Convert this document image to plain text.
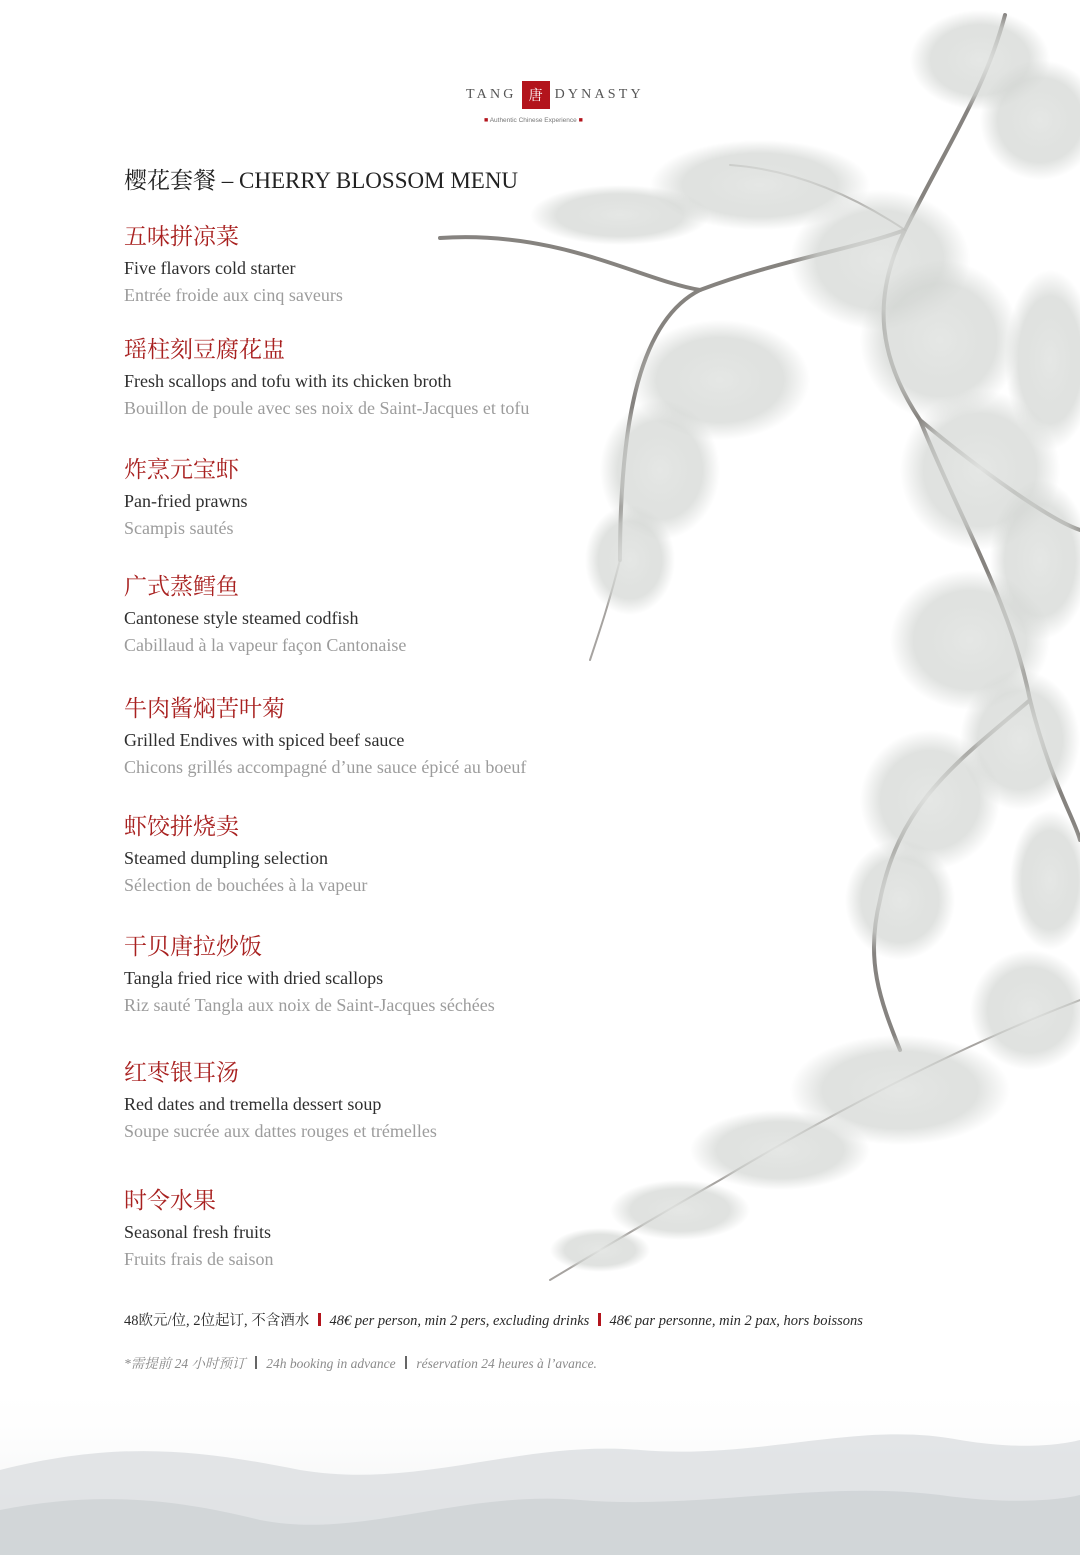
TANG 唐 DYNASTY
■ Authentic Chinese Experience ■
樱花套餐 – CHERRY BLOSSOM MENU
五味拼凉菜
Five flavors cold starter
Entrée froide aux cinq saveurs
瑶柱刻豆腐花盅
Fresh scallops and tofu with its chicken broth
Bouillon de poule avec ses noix de Saint-Jacques et tofu
炸烹元宝虾
Pan-fried prawns
Scampis sautés
广式蒸鳕鱼
Cantonese style steamed codfish
Cabillaud à la vapeur façon Cantonaise
牛肉酱焖苦叶菊
Grilled Endives with spiced beef sauce
Chicons grillés accompagné d’une sauce épicé au boeuf
虾饺拼烧卖
Steamed dumpling selection
Sélection de bouchées à la vapeur
干贝唐拉炒饭
Tangla fried rice with dried scallops
Riz sauté Tangla aux noix de Saint-Jacques séchées
红枣银耳汤
Red dates and tremella dessert soup
Soupe sucrée aux dattes rouges et trémelles
时令水果
Seasonal fresh fruits
Fruits frais de saison
48欧元/位, 2位起订, 不含酒水 48€ per person, min 2 pers, excluding drinks 48€ par personne, min 2 pax, hors boissons
*需提前 24 小时预订 24h booking in advance réservation 24 heures à l’avance.
